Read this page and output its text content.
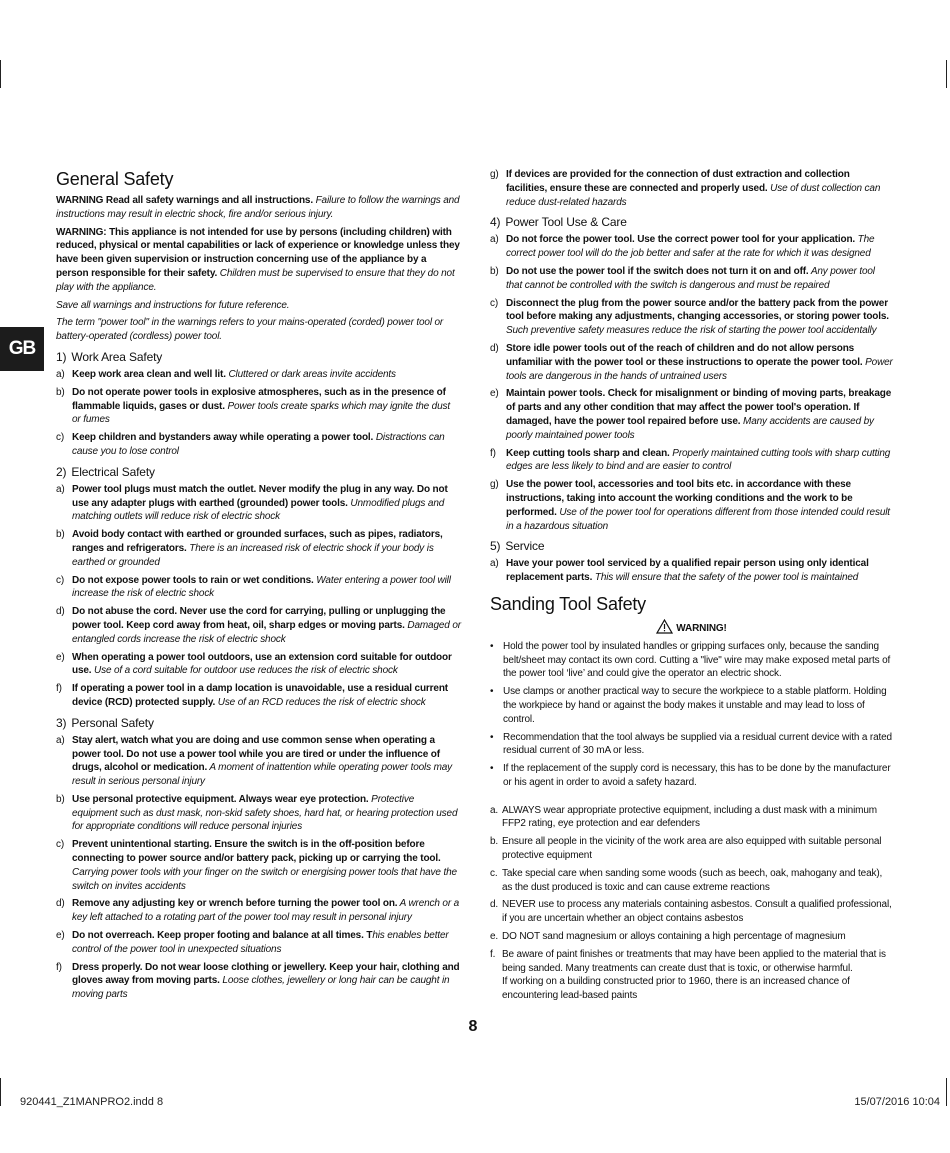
GB
General Safety

WARNING Read all safety warnings and all instructions. Failure to follow the warnings and instructions may result in electric shock, fire and/or serious injury.

WARNING: This appliance is not intended for use by persons (including children) with reduced, physical or mental capabilities or lack of experience or knowledge unless they have been given supervision or instruction concerning use of the appliance by a person responsible for their safety. Children must be supervised to ensure that they do not play with the appliance.

Save all warnings and instructions for future reference.

The term "power tool" in the warnings refers to your mains-operated (corded) power tool or battery-operated (cordless) power tool.

1) Work Area Safety
a) Keep work area clean and well lit. Cluttered or dark areas invite accidents
b) Do not operate power tools in explosive atmospheres, such as in the presence of flammable liquids, gases or dust. Power tools create sparks which may ignite the dust or fumes
c) Keep children and bystanders away while operating a power tool. Distractions can cause you to lose control
2) Electrical Safety
a) Power tool plugs must match the outlet. Never modify the plug in any way. Do not use any adapter plugs with earthed (grounded) power tools. Unmodified plugs and matching outlets will reduce risk of electric shock
b) Avoid body contact with earthed or grounded surfaces, such as pipes, radiators, ranges and refrigerators. There is an increased risk of electric shock if your body is earthed or grounded
c) Do not expose power tools to rain or wet conditions. Water entering a power tool will increase the risk of electric shock
d) Do not abuse the cord. Never use the cord for carrying, pulling or unplugging the power tool. Keep cord away from heat, oil, sharp edges or moving parts. Damaged or entangled cords increase the risk of electric shock
e) When operating a power tool outdoors, use an extension cord suitable for outdoor use. Use of a cord suitable for outdoor use reduces the risk of electric shock
f) If operating a power tool in a damp location is unavoidable, use a residual current device (RCD) protected supply. Use of an RCD reduces the risk of electric shock
3) Personal Safety
a) Stay alert, watch what you are doing and use common sense when operating a power tool. Do not use a power tool while you are tired or under the influence of drugs, alcohol or medication. A moment of inattention while operating power tools may result in serious personal injury
b) Use personal protective equipment. Always wear eye protection. Protective equipment such as dust mask, non-skid safety shoes, hard hat, or hearing protection used for appropriate conditions will reduce personal injuries
c) Prevent unintentional starting. Ensure the switch is in the off-position before connecting to power source and/or battery pack, picking up or carrying the tool. Carrying power tools with your finger on the switch or energising power tools that have the switch on invites accidents
d) Remove any adjusting key or wrench before turning the power tool on. A wrench or a key left attached to a rotating part of the power tool may result in personal injury
e) Do not overreach. Keep proper footing and balance at all times. This enables better control of the power tool in unexpected situations
f) Dress properly. Do not wear loose clothing or jewellery. Keep your hair, clothing and gloves away from moving parts. Loose clothes, jewellery or long hair can be caught in moving parts
g) If devices are provided for the connection of dust extraction and collection facilities, ensure these are connected and properly used. Use of dust collection can reduce dust-related hazards
4) Power Tool Use & Care
a) Do not force the power tool. Use the correct power tool for your application. The correct power tool will do the job better and safer at the rate for which it was designed
b) Do not use the power tool if the switch does not turn it on and off. Any power tool that cannot be controlled with the switch is dangerous and must be repaired
c) Disconnect the plug from the power source and/or the battery pack from the power tool before making any adjustments, changing accessories, or storing power tools. Such preventive safety measures reduce the risk of starting the power tool accidentally
d) Store idle power tools out of the reach of children and do not allow persons unfamiliar with the power tool or these instructions to operate the power tool. Power tools are dangerous in the hands of untrained users
e) Maintain power tools. Check for misalignment or binding of moving parts, breakage of parts and any other condition that may affect the power tool's operation. If damaged, have the power tool repaired before use. Many accidents are caused by poorly maintained power tools
f) Keep cutting tools sharp and clean. Properly maintained cutting tools with sharp cutting edges are less likely to bind and are easier to control
g) Use the power tool, accessories and tool bits etc. in accordance with these instructions, taking into account the working conditions and the work to be performed. Use of the power tool for operations different from those intended could result in a hazardous situation
5) Service
a) Have your power tool serviced by a qualified repair person using only identical replacement parts. This will ensure that the safety of the power tool is maintained
Sanding Tool Safety
WARNING!
• Hold the power tool by insulated handles or gripping surfaces only, because the sanding belt/sheet may contact its own cord. Cutting a "live" wire may make exposed metal parts of the power tool ‘live’ and could give the operator an electric shock.
• Use clamps or another practical way to secure the workpiece to a stable platform. Holding the workpiece by hand or against the body makes it unstable and may lead to loss of control.
• Recommendation that the tool always be supplied via a residual current device with a rated residual current of 30 mA or less.
• If the replacement of the supply cord is necessary, this has to be done by the manufacturer or his agent in order to avoid a safety hazard.
a. ALWAYS wear appropriate protective equipment, including a dust mask with a minimum FFP2 rating, eye protection and ear defenders
b. Ensure all people in the vicinity of the work area are also equipped with suitable personal protective equipment
c. Take special care when sanding some woods (such as beech, oak, mahogany and teak), as the dust produced is toxic and can cause extreme reactions
d. NEVER use to process any materials containing asbestos. Consult a qualified professional, if you are uncertain whether an object contains asbestos
e. DO NOT sand magnesium or alloys containing a high percentage of magnesium
f. Be aware of paint finishes or treatments that may have been applied to the material that is being sanded. Many treatments can create dust that is toxic, or otherwise harmful.
If working on a building constructed prior to 1960, there is an increased chance of encountering lead-based paints
8
920441_Z1MANPRO2.indd 8	15/07/2016 10:04
